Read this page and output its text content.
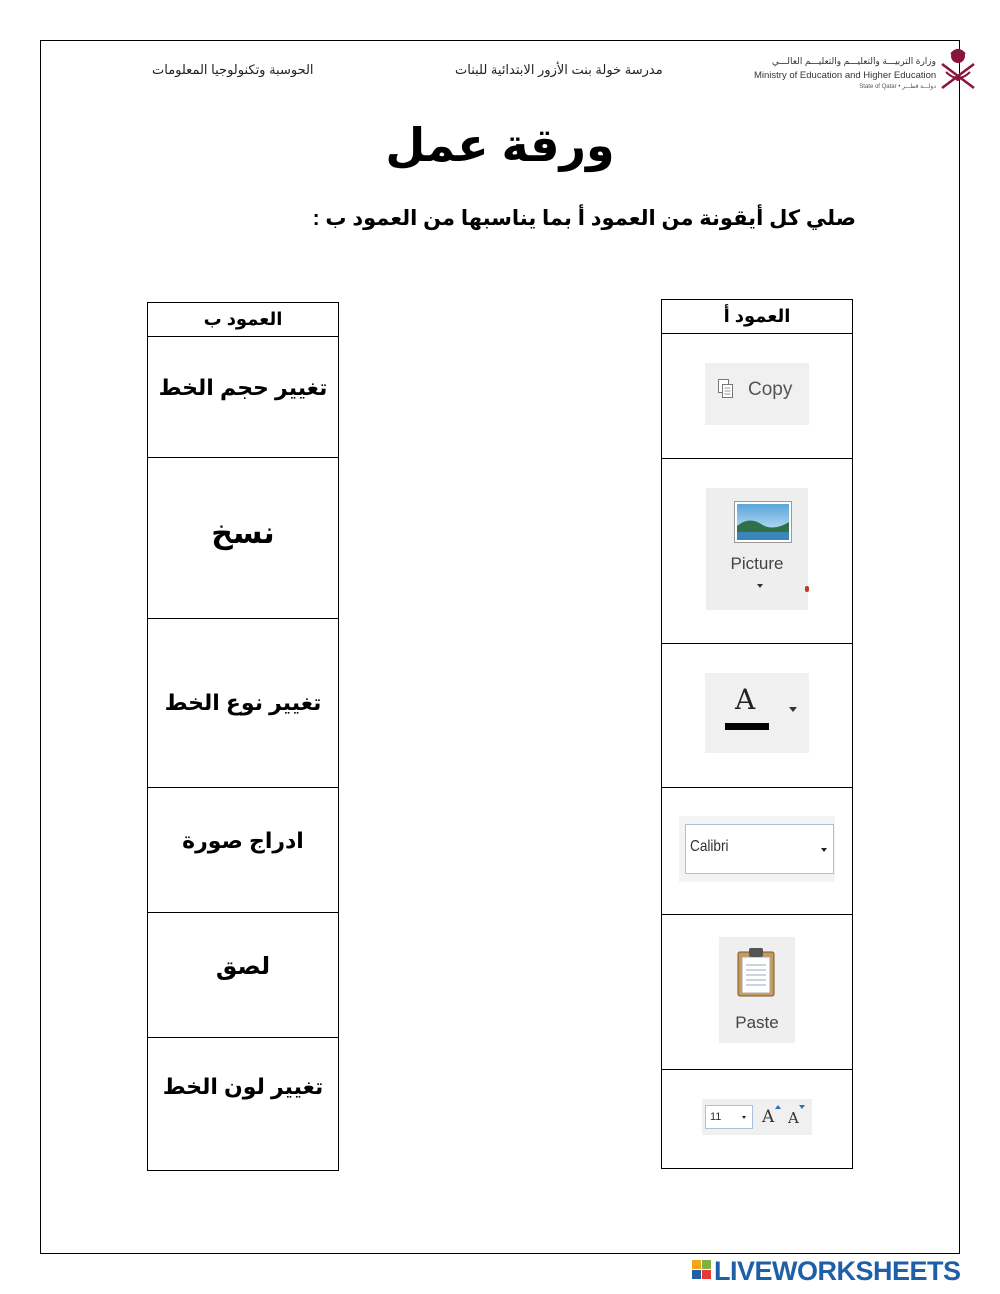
الحوسبة وتكنولوجيا المعلومات	مدرسة خولة بنت الأزور الابتدائية للبنات
وزارة التربيـــة والتعليـــم والتعليـــم العالـــي
Ministry of Education and Higher Education
State of Qatar • دولـــة قطـــر
ورقة عمل
صلي كل أيقونة من العمود أ بما يناسبها من العمود ب :
العمود ب

تغيير حجم الخط

نسخ

تغيير نوع الخط

ادراج صورة

لصق

تغيير لون الخط
العمود أ

Copy

Picture

A

Calibri

Paste

11 A A
LIVEWORKSHEETS
